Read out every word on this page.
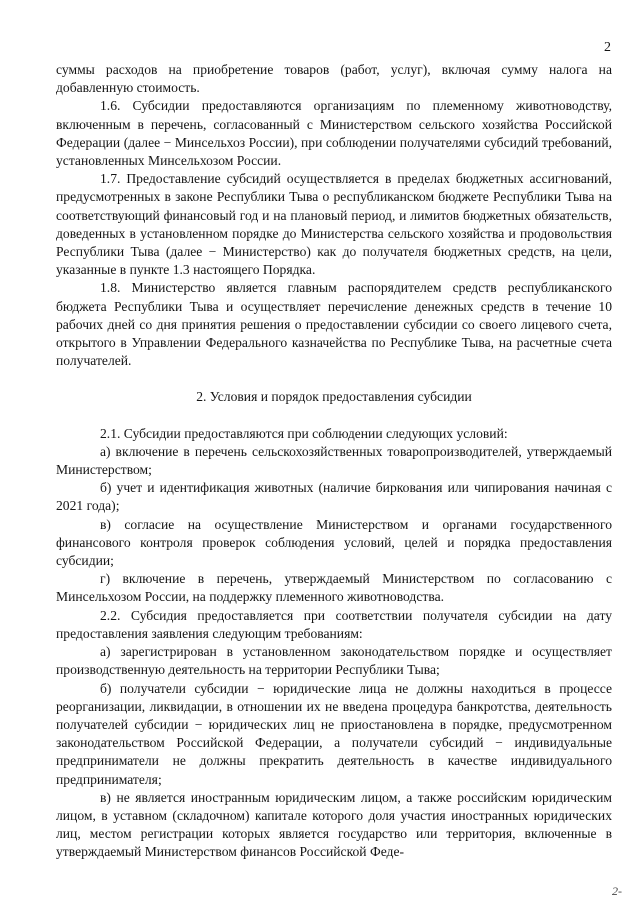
2

суммы расходов на приобретение товаров (работ, услуг), включая сумму налога на добавленную стоимость.

1.6. Субсидии предоставляются организациям по племенному животноводству, включенным в перечень, согласованный с Министерством сельского хозяйства Российской Федерации (далее − Минсельхоз России), при соблюдении получателями субсидий требований, установленных Минсельхозом России.

1.7. Предоставление субсидий осуществляется в пределах бюджетных ассигнований, предусмотренных в законе Республики Тыва о республиканском бюджете Республики Тыва на соответствующий финансовый год и на плановый период, и лимитов бюджетных обязательств, доведенных в установленном порядке до Министерства сельского хозяйства и продовольствия Республики Тыва (далее − Министерство) как до получателя бюджетных средств, на цели, указанные в пункте 1.3 настоящего Порядка.

1.8. Министерство является главным распорядителем средств республиканского бюджета Республики Тыва и осуществляет перечисление денежных средств в течение 10 рабочих дней со дня принятия решения о предоставлении субсидии со своего лицевого счета, открытого в Управлении Федерального казначейства по Республике Тыва, на расчетные счета получателей.

2. Условия и порядок предоставления субсидии

2.1. Субсидии предоставляются при соблюдении следующих условий:

а) включение в перечень сельскохозяйственных товаропроизводителей, утверждаемый Министерством;

б) учет и идентификация животных (наличие биркования или чипирования начиная с 2021 года);

в) согласие на осуществление Министерством и органами государственного финансового контроля проверок соблюдения условий, целей и порядка предоставления субсидии;

г) включение в перечень, утверждаемый Министерством по согласованию с Минсельхозом России, на поддержку племенного животноводства.

2.2. Субсидия предоставляется при соответствии получателя субсидии на дату предоставления заявления следующим требованиям:

а) зарегистрирован в установленном законодательством порядке и осуществляет производственную деятельность на территории Республики Тыва;

б) получатели субсидии − юридические лица не должны находиться в процессе реорганизации, ликвидации, в отношении их не введена процедура банкротства, деятельность получателей субсидии − юридических лиц не приостановлена в порядке, предусмотренном законодательством Российской Федерации, а получатели субсидий − индивидуальные предприниматели не должны прекратить деятельность в качестве индивидуального предпринимателя;

в) не является иностранным юридическим лицом, а также российским юридическим лицом, в уставном (складочном) капитале которого доля участия иностранных юридических лиц, местом регистрации которых является государство или территория, включенные в утверждаемый Министерством финансов Российской Феде-

2-
